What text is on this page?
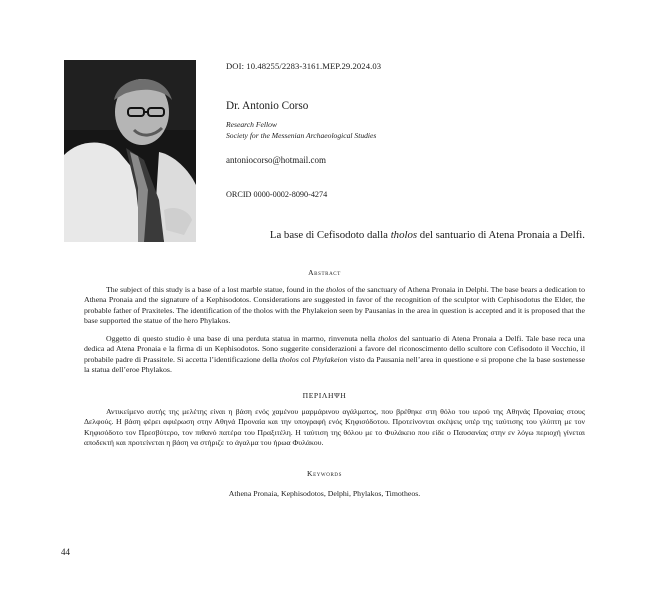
DOI: 10.48255/2283-3161.MEP.29.2024.03
Dr. Antonio Corso
Research Fellow
Society for the Messenian Archaeological Studies
antoniocorso@hotmail.com
ORCID 0000-0002-8090-4274
La base di Cefisodoto dalla tholos del santuario di Atena Pronaia a Delfi.
Abstract

The subject of this study is a base of a lost marble statue, found in the tholos of the sanctuary of Athena Pronaia in Delphi. The base bears a dedication to Athena Pronaia and the signature of a Kephisodotos. Considerations are suggested in favor of the recognition of the sculptor with Cephisodotus the Elder, the probable father of Praxiteles. The identification of the tholos with the Phylakeion seen by Pausanias in the area in question is accepted and it is proposed that the base supported the statue of the hero Phylakos.

Oggetto di questo studio è una base di una perduta statua in marmo, rinvenuta nella tholos del santuario di Atena Pronaia a Delfi. Tale base reca una dedica ad Atena Pronaia e la firma di un Kephisodotos. Sono suggerite considerazioni a favore del riconoscimento dello scultore con Cefisodoto il Vecchio, il probabile padre di Prassitele. Si accetta l’identificazione della tholos col Phylakeion visto da Pausania nell’area in questione e si propone che la base sostenesse la statua dell’eroe Phylakos.

ΠΕΡΙΛΗΨΗ

Αντικείμενο αυτής της μελέτης είναι η βάση ενός χαμένου μαρμάρινου αγάλματος, που βρέθηκε στη θόλο του ιερού της Αθηνάς Προναίας στους Δελφούς. Η βάση φέρει αφιέρωση στην Αθηνά Προναία και την υπογραφή ενός Κηφισόδοτου. Προτείνονται σκέψεις υπέρ της ταύτισης του γλύπτη με τον Κηφισόδοτο τον Πρεσβύτερο, τον πιθανό πατέρα του Πραξιτέλη. Η ταύτιση της θόλου με το Φυλάκειο που είδε ο Παυσανίας στην εν λόγω περιοχή γίνεται αποδεκτή και προτείνεται η βάση να στήριζε το άγαλμα του ήρωα Φυλάκου.

Keywords
Athena Pronaia, Kephisodotos, Delphi, Phylakos, Timotheos.
44
